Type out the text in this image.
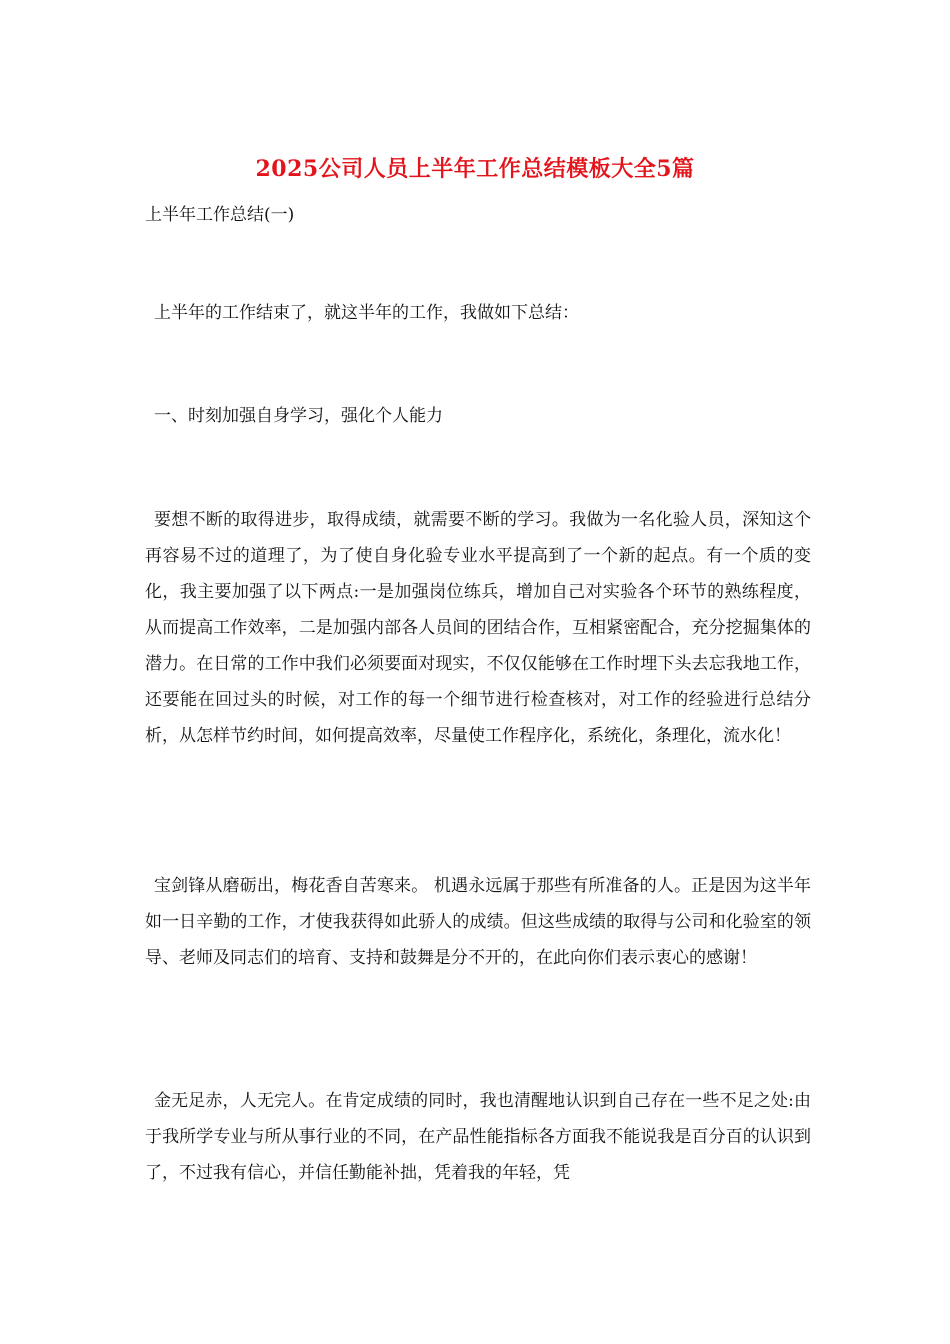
2025公司人员上半年工作总结模板大全5篇
上半年工作总结(一)

上半年的工作结束了，就这半年的工作，我做如下总结：

一、时刻加强自身学习，强化个人能力

要想不断的取得进步，取得成绩，就需要不断的学习。我做为一名化验人员，深知这个再容易不过的道理了，为了使自身化验专业水平提高到了一个新的起点。有一个质的变化，我主要加强了以下两点:一是加强岗位练兵，增加自己对实验各个环节的熟练程度，从而提高工作效率，二是加强内部各人员间的团结合作，互相紧密配合，充分挖掘集体的潜力。在日常的工作中我们必须要面对现实，不仅仅能够在工作时埋下头去忘我地工作，还要能在回过头的时候，对工作的每一个细节进行检查核对，对工作的经验进行总结分析，从怎样节约时间，如何提高效率，尽量使工作程序化，系统化，条理化，流水化！

宝剑锋从磨砺出，梅花香自苦寒来。 机遇永远属于那些有所准备的人。正是因为这半年如一日辛勤的工作，才使我获得如此骄人的成绩。但这些成绩的取得与公司和化验室的领导、老师及同志们的培育、支持和鼓舞是分不开的，在此向你们表示衷心的感谢！

金无足赤，人无完人。在肯定成绩的同时，我也清醒地认识到自己存在一些不足之处:由于我所学专业与所从事行业的不同，在产品性能指标各方面我不能说我是百分百的认识到了，不过我有信心，并信任勤能补拙，凭着我的年轻，凭
